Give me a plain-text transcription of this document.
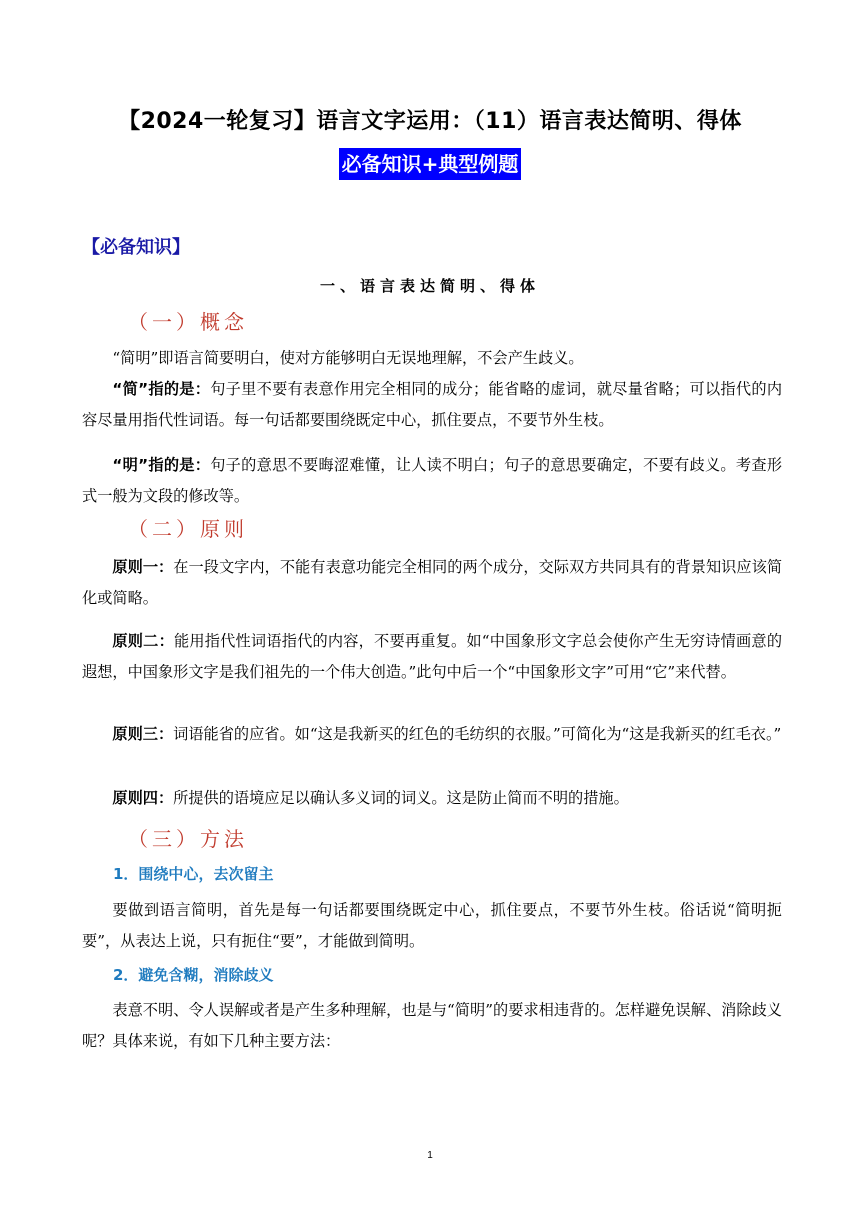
【2024一轮复习】语言文字运用：（11）语言表达简明、得体
必备知识+典型例题
【必备知识】
一、语言表达简明、得体
（一）概念

“简明”即语言简要明白，使对方能够明白无误地理解，不会产生歧义。

“简”指的是：句子里不要有表意作用完全相同的成分；能省略的虚词，就尽量省略；可以指代的内容尽量用指代性词语。每一句话都要围绕既定中心，抓住要点，不要节外生枝。

“明”指的是：句子的意思不要晦涩难懂，让人读不明白；句子的意思要确定，不要有歧义。考查形式一般为文段的修改等。

（二）原则

原则一：在一段文字内，不能有表意功能完全相同的两个成分，交际双方共同具有的背景知识应该简化或简略。

原则二：能用指代性词语指代的内容，不要再重复。如“中国象形文字总会使你产生无穷诗情画意的遐想，中国象形文字是我们祖先的一个伟大创造。”此句中后一个“中国象形文字”可用“它”来代替。

原则三：词语能省的应省。如“这是我新买的红色的毛纺织的衣服。”可简化为“这是我新买的红毛衣。”

原则四：所提供的语境应足以确认多义词的词义。这是防止简而不明的措施。

（三）方法
1．围绕中心，去次留主

要做到语言简明，首先是每一句话都要围绕既定中心，抓住要点，不要节外生枝。俗话说“简明扼要”，从表达上说，只有扼住“要”，才能做到简明。

2．避免含糊，消除歧义

表意不明、令人误解或者是产生多种理解，也是与“简明”的要求相违背的。怎样避免误解、消除歧义呢？具体来说，有如下几种主要方法：

1
